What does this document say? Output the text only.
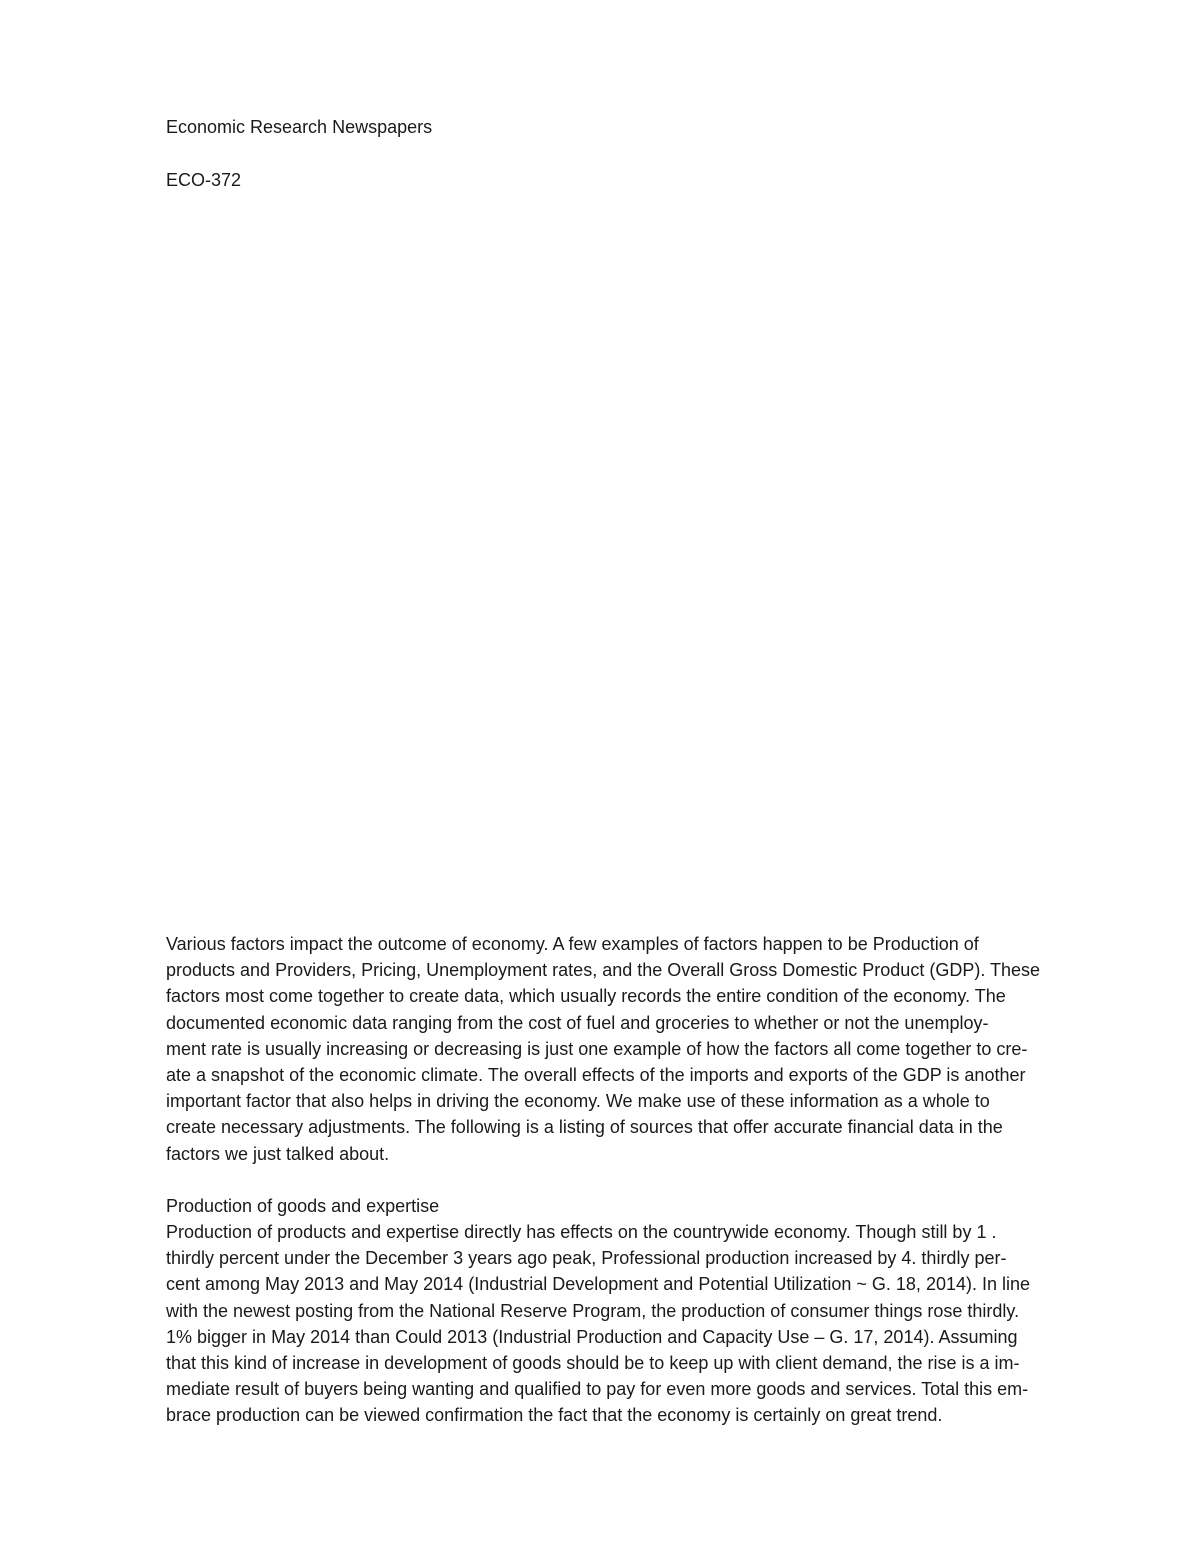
Economic Research Newspapers
ECO-372
Various factors impact the outcome of economy. A few examples of factors happen to be Production of
products and Providers, Pricing, Unemployment rates, and the Overall Gross Domestic Product (GDP). These
factors most come together to create data, which usually records the entire condition of the economy. The
documented economic data ranging from the cost of fuel and groceries to whether or not the unemploy-
ment rate is usually increasing or decreasing is just one example of how the factors all come together to cre-
ate a snapshot of the economic climate. The overall effects of the imports and exports of the GDP is another
important factor that also helps in driving the economy. We make use of these information as a whole to
create necessary adjustments. The following is a listing of sources that offer accurate financial data in the
factors we just talked about.
Production of goods and expertise
Production of products and expertise directly has effects on the countrywide economy. Though still by 1 .
thirdly percent under the December 3 years ago peak, Professional production increased by 4. thirdly per-
cent among May 2013 and May 2014 (Industrial Development and Potential Utilization ~ G. 18, 2014). In line
with the newest posting from the National Reserve Program, the production of consumer things rose thirdly.
1% bigger in May 2014 than Could 2013 (Industrial Production and Capacity Use – G. 17, 2014). Assuming
that this kind of increase in development of goods should be to keep up with client demand, the rise is a im-
mediate result of buyers being wanting and qualified to pay for even more goods and services. Total this em-
brace production can be viewed confirmation the fact that the economy is certainly on great trend.
